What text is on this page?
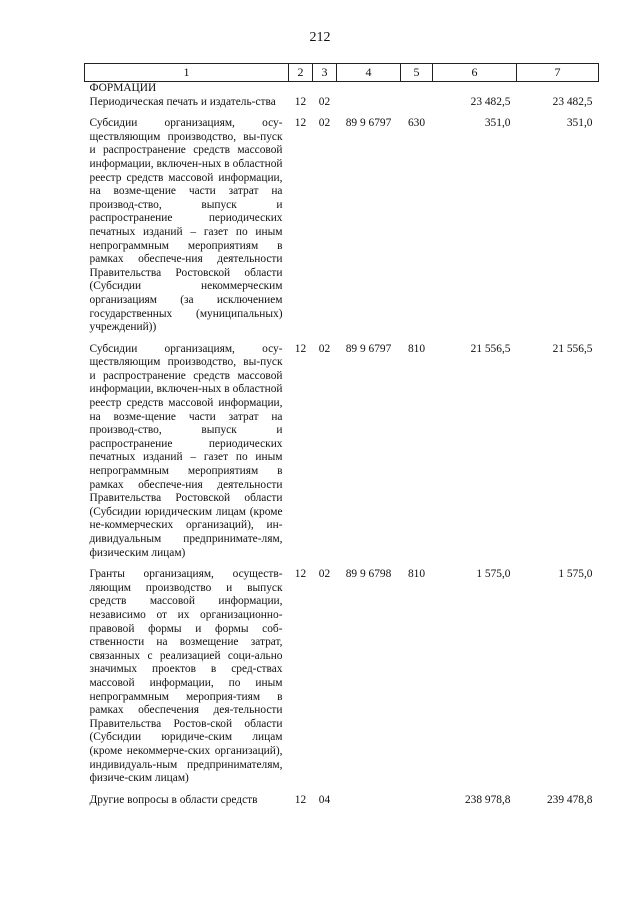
212
1	2	3	4	5	6	7
ФОРМАЦИИ						
Периодическая печать и издатель-ства	12	02			23 482,5	23 482,5

Субсидии организациям, осу-ществляющим производство, вы-пуск и распространение средств массовой информации, включен-ных в областной реестр средств массовой информации, на возме-щение части затрат на производ-ство, выпуск и распространение периодических печатных изданий – газет по иным непрограммным мероприятиям в рамках обеспече-ния деятельности Правительства Ростовской области (Субсидии некоммерческим организациям (за исключением государственных (муниципальных) учреждений))	12	02	89 9 6797	630	351,0	351,0

Субсидии организациям, осу-ществляющим производство, вы-пуск и распространение средств массовой информации, включен-ных в областной реестр средств массовой информации, на возме-щение части затрат на производ-ство, выпуск и распространение периодических печатных изданий – газет по иным непрограммным мероприятиям в рамках обеспече-ния деятельности Правительства Ростовской области (Субсидии юридическим лицам (кроме не-коммерческих организаций), ин-дивидуальным предпринимате-лям, физическим лицам)	12	02	89 9 6797	810	21 556,5	21 556,5

Гранты организациям, осуществ-ляющим производство и выпуск средств массовой информации, независимо от их организационно-правовой формы и формы соб-ственности на возмещение затрат, связанных с реализацией соци-ально значимых проектов в сред-ствах массовой информации, по иным непрограммным мероприя-тиям в рамках обеспечения дея-тельности Правительства Ростов-ской области (Субсидии юридиче-ским лицам (кроме некоммерче-ских организаций), индивидуаль-ным предпринимателям, физиче-ским лицам)	12	02	89 9 6798	810	1 575,0	1 575,0

Другие вопросы в области средств	12	04			238 978,8	239 478,8
